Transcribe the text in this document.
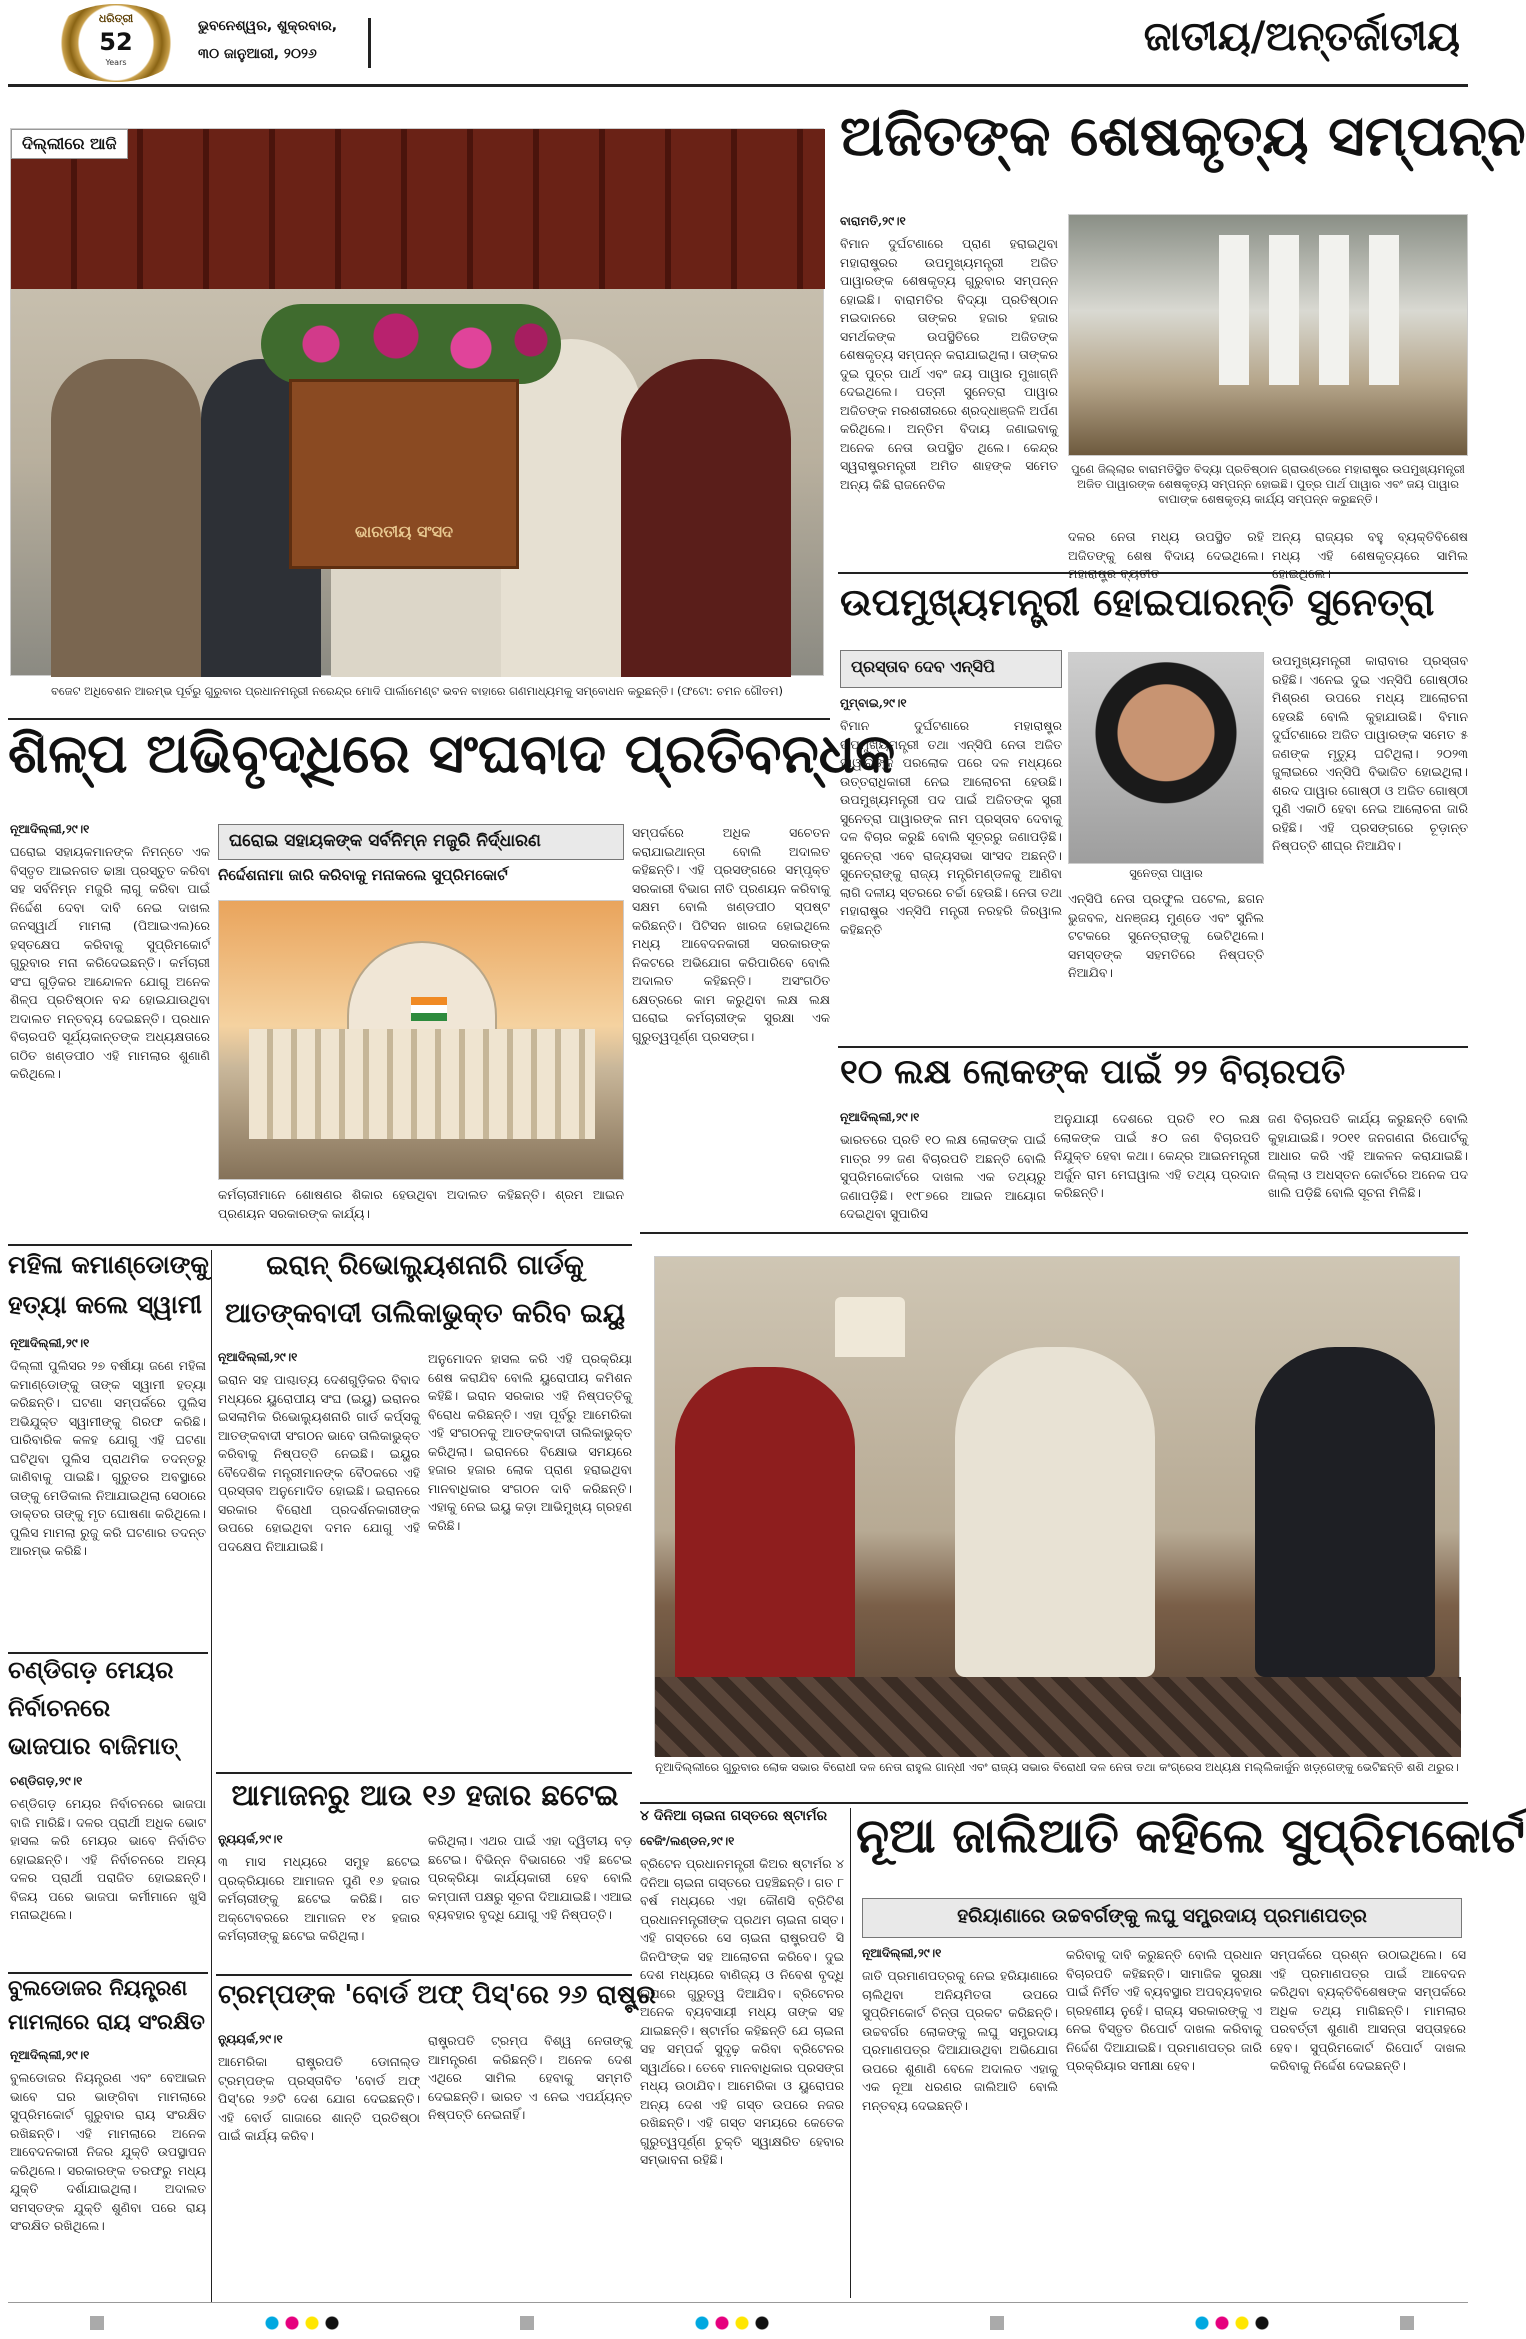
ଧରିତ୍ରୀ
52
Years
ଭୁବନେଶ୍ୱର, ଶୁକ୍ରବାର,
୩୦ ଜାନୁଆରୀ, ୨୦୨୬	ଜାତୀୟ/ଅନ୍ତର୍ଜାତୀୟ
ଭାରତୀୟ ସଂସଦ
ଦିଲ୍ଲୀରେ ଆଜି
ବଜେଟ ଅଧିବେଶନ ଆରମ୍ଭ ପୂର୍ବରୁ ଗୁରୁବାର ପ୍ରଧାନମନ୍ତ୍ରୀ ନରେନ୍ଦ୍ର ମୋଦି ପାର୍ଲାମେଣ୍ଟ ଭବନ ବାହାରେ ଗଣମାଧ୍ୟମକୁ ସମ୍ବୋଧନ କରୁଛନ୍ତି। (ଫଟୋ: ଚମନ ଗୌତମ)
ଅଜିତଙ୍କ ଶେଷକୃତ୍ୟ ସମ୍ପନ୍ନ
ବାରାମତି,୨୯।୧
ବିମାନ ଦୁର୍ଘଟଣାରେ ପ୍ରାଣ ହରାଇଥିବା ମହାରାଷ୍ଟ୍ରର ଉପମୁଖ୍ୟମନ୍ତ୍ରୀ ଅଜିତ ପାୱାରଙ୍କ ଶେଷକୃତ୍ୟ ଗୁରୁବାର ସମ୍ପନ୍ନ ହୋଇଛି। ବାରାମତିର ବିଦ୍ୟା ପ୍ରତିଷ୍ଠାନ ମଇଦାନରେ ତାଙ୍କର ହଜାର ହଜାର ସମର୍ଥକଙ୍କ ଉପସ୍ଥିତିରେ ଅଜିତଙ୍କ ଶେଷକୃତ୍ୟ ସମ୍ପନ୍ନ କରାଯାଇଥିଲା। ତାଙ୍କର ଦୁଇ ପୁତ୍ର ପାର୍ଥ ଏବଂ ଜୟ ପାୱାର ମୁଖାଗ୍ନି ଦେଇଥିଲେ। ପତ୍ନୀ ସୁନେତ୍ରା ପାୱାର ଅଜିତଙ୍କ ମରଶରୀରରେ ଶ୍ରଦ୍ଧାଞ୍ଜଳି ଅର୍ପଣ କରିଥିଲେ। ଅନ୍ତିମ ବିଦାୟ ଜଣାଇବାକୁ ଅନେକ ନେତା ଉପସ୍ଥିତ ଥିଲେ। କେନ୍ଦ୍ର ସ୍ୱରାଷ୍ଟ୍ରମନ୍ତ୍ରୀ ଅମିତ ଶାହଙ୍କ ସମେତ ଅନ୍ୟ କିଛି ରାଜନେତିକ
ପୁଣେ ଜିଲ୍ଲାର ବାରାମତିସ୍ଥିତ ବିଦ୍ୟା ପ୍ରତିଷ୍ଠାନ ଗ୍ରାଉଣ୍ଡରେ ମହାରାଷ୍ଟ୍ର ଉପମୁଖ୍ୟମନ୍ତ୍ରୀ ଅଜିତ ପାୱାରଙ୍କ ଶେଷକୃତ୍ୟ ସମ୍ପନ୍ନ ହୋଇଛି। ପୁତ୍ର ପାର୍ଥ ପାୱାର ଏବଂ ଜୟ ପାୱାର ବାପାଙ୍କ ଶେଷକୃତ୍ୟ କାର୍ଯ୍ୟ ସମ୍ପନ୍ନ କରୁଛନ୍ତି।
ଦଳର ନେତା ମଧ୍ୟ ଉପସ୍ଥିତ ରହି ଅଜିତଙ୍କୁ ଶେଷ ବିଦାୟ ଦେଇଥିଲେ।
ଅନ୍ୟ ରାଜ୍ୟର ବହୁ ବ୍ୟକ୍ତିବିଶେଷ ମଧ୍ୟ ଏହି ଶେଷକୃତ୍ୟରେ ସାମିଲ
ଉପମୁଖ୍ୟମନ୍ତ୍ରୀ ହୋଇପାରନ୍ତି ସୁନେତ୍ରା
ପ୍ରସ୍ତାବ ଦେବ ଏନ୍‌ସିପି
ମୁମ୍ବାଇ,୨୯।୧
ବିମାନ ଦୁର୍ଘଟଣାରେ ମହାରାଷ୍ଟ୍ର ଉପମୁଖ୍ୟମନ୍ତ୍ରୀ ତଥା ଏନ୍‌ସିପି ନେତା ଅଜିତ ପାୱାରଙ୍କ ପରଲୋକ ପରେ ଦଳ ମଧ୍ୟରେ ଉତ୍ତରାଧିକାରୀ ନେଇ ଆଲୋଚନା ହେଉଛି। ଉପମୁଖ୍ୟମନ୍ତ୍ରୀ ପଦ ପାଇଁ ଅଜିତଙ୍କ ସ୍ତ୍ରୀ ସୁନେତ୍ରା ପାୱାରଙ୍କ ନାମ ପ୍ରସ୍ତାବ ଦେବାକୁ ଦଳ ବିଚାର କରୁଛି ବୋଲି ସୂତ୍ରରୁ ଜଣାପଡ଼ିଛି। ସୁନେତ୍ରା ଏବେ ରାଜ୍ୟସଭା ସାଂସଦ ଅଛନ୍ତି। ସୁନେତ୍ରାଙ୍କୁ ରାଜ୍ୟ ମନ୍ତ୍ରିମଣ୍ଡଳକୁ ଆଣିବା ଲାଗି ଦଳୀୟ ସ୍ତରରେ ଚର୍ଚ୍ଚା ହେଉଛି। ନେତା ତଥା ମହାରାଷ୍ଟ୍ର ଏନ୍‌ସିପି ମନ୍ତ୍ରୀ ନରହରି ଜିରୱାଲ କହିଛନ୍ତି
ସୁନେତ୍ରା ପାୱାର
ଏନ୍‌ସିପି ନେତା ପ୍ରଫୁଲ ପଟେଲ, ଛଗନ ଭୁଜବଳ, ଧନଞ୍ଜୟ ମୁଣ୍ଡେ ଏବଂ ସୁନିଲ ଟଟକରେ ସୁନେତ୍ରାଙ୍କୁ ଭେଟିଥିଲେ। ସମସ୍ତଙ୍କ ସହମତିରେ ନିଷ୍ପତ୍ତି ନିଆଯିବ।
ଉପମୁଖ୍ୟମନ୍ତ୍ରୀ କାରାବାର ପ୍ରସ୍ତାବ ରହିଛି। ଏନେଇ ଦୁଇ ଏନ୍‌ସିପି ଗୋଷ୍ଠୀର ମିଶ୍ରଣ ଉପରେ ମଧ୍ୟ ଆଲୋଚନା ହେଉଛି ବୋଲି କୁହାଯାଉଛି। ବିମାନ ଦୁର୍ଘଟଣାରେ ଅଜିତ ପାୱାରଙ୍କ ସମେତ ୫ ଜଣଙ୍କ ମୃତ୍ୟୁ ଘଟିଥିଲା। ୨୦୨୩ ଜୁଲାଇରେ ଏନ୍‌ସିପି ବିଭାଜିତ ହୋଇଥିଲା। ଶରଦ ପାୱାର ଗୋଷ୍ଠୀ ଓ ଅଜିତ ଗୋଷ୍ଠୀ ପୁଣି ଏକାଠି ହେବା ନେଇ ଆଲୋଚନା ଜାରି ରହିଛି। ଏହି ପ୍ରସଙ୍ଗରେ ଚୂଡ଼ାନ୍ତ ନିଷ୍ପତ୍ତି ଶୀଘ୍ର ନିଆଯିବ।
୧୦ ଲକ୍ଷ ଲୋକଙ୍କ ପାଇଁ ୨୨ ବିଚାରପତି
ନୂଆଦିଲ୍ଲୀ,୨୯।୧
ଭାରତରେ ପ୍ରତି ୧୦ ଲକ୍ଷ ଲୋକଙ୍କ ପାଇଁ ମାତ୍ର ୨୨ ଜଣ ବିଚାରପତି ଅଛନ୍ତି ବୋଲି ସୁପ୍ରିମକୋର୍ଟରେ ଦାଖଲ ଏକ ତଥ୍ୟରୁ ଜଣାପଡ଼ିଛି। ୧୯୮୭ରେ ଆଇନ ଆୟୋଗ ଦେଇଥିବା ସୁପାରିସ
ଅନୁଯାୟୀ ଦେଶରେ ପ୍ରତି ୧୦ ଲକ୍ଷ ଲୋକଙ୍କ ପାଇଁ ୫୦ ଜଣ ବିଚାରପତି ନିଯୁକ୍ତ ହେବା କଥା। କେନ୍ଦ୍ର ଆଇନମନ୍ତ୍ରୀ ଅର୍ଜୁନ ରାମ ମେଘୱାଲ ଏହି ତଥ୍ୟ ପ୍ରଦାନ କରିଛନ୍ତି।
ଜଣ ବିଚାରପତି କାର୍ଯ୍ୟ କରୁଛନ୍ତି ବୋଲି କୁହାଯାଇଛି। ୨୦୧୧ ଜନଗଣନା ରିପୋର୍ଟକୁ ଆଧାର କରି ଏହି ଆକଳନ କରାଯାଇଛି। ଜିଲ୍ଲା ଓ ଅଧସ୍ତନ କୋର୍ଟରେ ଅନେକ ପଦ ଖାଲି ପଡ଼ିଛି ବୋଲି ସୂଚନା ମିଳିଛି।
ଶିଳ୍ପ ଅଭିବୃଦ୍ଧିରେ ସଂଘବାଦ ପ୍ରତିବନ୍ଧକ
ନୂଆଦିଲ୍ଲୀ,୨୯।୧
ଘରୋଇ ସହାୟକମାନଙ୍କ ନିମନ୍ତେ ଏକ ବିସ୍ତୃତ ଆଇନଗତ ଢାଞ୍ଚା ପ୍ରସ୍ତୁତ କରିବା ସହ ସର୍ବନିମ୍ନ ମଜୁରି ଲାଗୁ କରିବା ପାଇଁ ନିର୍ଦ୍ଦେଶ ଦେବା ଦାବି ନେଇ ଦାଖଲ ଜନସ୍ୱାର୍ଥ ମାମଲା (ପିଆଇଏଲ)ରେ ହସ୍ତକ୍ଷେପ କରିବାକୁ ସୁପ୍ରିମକୋର୍ଟ ଗୁରୁବାର ମନା କରିଦେଇଛନ୍ତି। କର୍ମଚାରୀ ସଂଘ ଗୁଡ଼ିକର ଆନ୍ଦୋଳନ ଯୋଗୁ ଅନେକ ଶିଳ୍ପ ପ୍ରତିଷ୍ଠାନ ବନ୍ଦ ହୋଇଯାଉଥିବା ଅଦାଲତ ମନ୍ତବ୍ୟ ଦେଇଛନ୍ତି। ପ୍ରଧାନ ବିଚାରପତି ସୂର୍ଯ୍ୟକାନ୍ତଙ୍କ ଅଧ୍ୟକ୍ଷତାରେ ଗଠିତ ଖଣ୍ଡପୀଠ ଏହି ମାମଲାର ଶୁଣାଣି କରିଥିଲେ।
ଘରୋଇ ସହାୟକଙ୍କ ସର୍ବନିମ୍ନ ମଜୁରି ନିର୍ଦ୍ଧାରଣ
ନିର୍ଦ୍ଦେଶନାମା ଜାରି କରିବାକୁ ମନାକଲେ ସୁପ୍ରିମକୋର୍ଟ
କର୍ମଚାରୀମାନେ ଶୋଷଣର ଶିକାର ହେଉଥିବା ଅଦାଲତ କହିଛନ୍ତି। ଶ୍ରମ ଆଇନ ପ୍ରଣୟନ ସରକାରଙ୍କ କାର୍ଯ୍ୟ।
ସମ୍ପର୍କରେ ଅଧିକ ସଚେତନ କରାଯାଇଥାନ୍ତା ବୋଲି ଅଦାଲତ କହିଛନ୍ତି। ଏହି ପ୍ରସଙ୍ଗରେ ସମ୍ପୃକ୍ତ ସରକାରୀ ବିଭାଗ ନୀତି ପ୍ରଣୟନ କରିବାକୁ ସକ୍ଷମ ବୋଲି ଖଣ୍ଡପୀଠ ସ୍ପଷ୍ଟ କରିଛନ୍ତି। ପିଟିସନ ଖାରଜ ହୋଇଥିଲେ ମଧ୍ୟ ଆବେଦନକାରୀ ସରକାରଙ୍କ ନିକଟରେ ଅଭିଯୋଗ କରିପାରିବେ ବୋଲି ଅଦାଲତ କହିଛନ୍ତି। ଅସଂଗଠିତ କ୍ଷେତ୍ରରେ କାମ କରୁଥିବା ଲକ୍ଷ ଲକ୍ଷ ଘରୋଇ କର୍ମଚାରୀଙ୍କ ସୁରକ୍ଷା ଏକ ଗୁରୁତ୍ୱପୂର୍ଣ୍ଣ ପ୍ରସଙ୍ଗ।
ମହିଳା କମାଣ୍ଡୋଙ୍କୁ
ହତ୍ୟା କଲେ ସ୍ୱାମୀ
ନୂଆଦିଲ୍ଲୀ,୨୯।୧
ଦିଲ୍ଲୀ ପୁଲିସର ୨୭ ବର୍ଷୀୟା ଜଣେ ମହିଳା କମାଣ୍ଡୋଙ୍କୁ ତାଙ୍କ ସ୍ୱାମୀ ହତ୍ୟା କରିଛନ୍ତି। ଘଟଣା ସମ୍ପର୍କରେ ପୁଲିସ ଅଭିଯୁକ୍ତ ସ୍ୱାମୀଙ୍କୁ ଗିରଫ କରିଛି। ପାରିବାରିକ କଳହ ଯୋଗୁ ଏହି ଘଟଣା ଘଟିଥିବା ପୁଲିସ ପ୍ରାଥମିକ ତଦନ୍ତରୁ ଜାଣିବାକୁ ପାଇଛି। ଗୁରୁତର ଅବସ୍ଥାରେ ତାଙ୍କୁ ମେଡିକାଲ ନିଆଯାଇଥିଲା ସେଠାରେ ଡାକ୍ତର ତାଙ୍କୁ ମୃତ ଘୋଷଣା କରିଥିଲେ। ପୁଲିସ ମାମଲା ରୁଜୁ କରି ଘଟଣାର ତଦନ୍ତ ଆରମ୍ଭ କରିଛି।
ଚଣ୍ଡିଗଡ଼ ମେୟର
ନିର୍ବାଚନରେ
ଭାଜପାର ବାଜିମାତ୍
ଚଣ୍ଡିଗଡ଼,୨୯।୧
ଚଣ୍ଡିଗଡ଼ ମେୟର ନିର୍ବାଚନରେ ଭାଜପା ବାଜି ମାରିଛି। ଦଳର ପ୍ରାର୍ଥୀ ଅଧିକ ଭୋଟ ହାସଲ କରି ମେୟର ଭାବେ ନିର୍ବାଚିତ ହୋଇଛନ୍ତି। ଏହି ନିର୍ବାଚନରେ ଅନ୍ୟ ଦଳର ପ୍ରାର୍ଥୀ ପରାଜିତ ହୋଇଛନ୍ତି। ବିଜୟ ପରେ ଭାଜପା କର୍ମୀମାନେ ଖୁସି ମନାଇଥିଲେ।
ବୁଲଡୋଜର ନିୟନ୍ତ୍ରଣ
ମାମଲାରେ ରାୟ ସଂରକ୍ଷିତ
ନୂଆଦିଲ୍ଲୀ,୨୯।୧
ବୁଲଡୋଜର ନିୟନ୍ତ୍ରଣ ଏବଂ ବେଆଇନ ଭାବେ ଘର ଭାଙ୍ଗିବା ମାମଲାରେ ସୁପ୍ରିମକୋର୍ଟ ଗୁରୁବାର ରାୟ ସଂରକ୍ଷିତ ରଖିଛନ୍ତି। ଏହି ମାମଲାରେ ଅନେକ ଆବେଦନକାରୀ ନିଜର ଯୁକ୍ତି ଉପସ୍ଥାପନ କରିଥିଲେ। ସରକାରଙ୍କ ତରଫରୁ ମଧ୍ୟ ଯୁକ୍ତି ଦର୍ଶାଯାଇଥିଲା। ଅଦାଲତ ସମସ୍ତଙ୍କ ଯୁକ୍ତି ଶୁଣିବା ପରେ ରାୟ ସଂରକ୍ଷିତ ରଖିଥିଲେ।
ଇରାନ୍ ରିଭୋଲ୍ୟୁଶନାରି ଗାର୍ଡକୁ
ଆତଙ୍କବାଦୀ ତାଲିକାଭୁକ୍ତ କରିବ ଇୟୁ
ନୂଆଦିଲ୍ଲୀ,୨୯।୧
ଇରାନ ସହ ପାଶ୍ଚାତ୍ୟ ଦେଶଗୁଡ଼ିକର ବିବାଦ ମଧ୍ୟରେ ୟୁରୋପୀୟ ସଂଘ (ଇୟୁ) ଇରାନର ଇସଲାମିକ ରିଭୋଲ୍ୟୁଶନାରି ଗାର୍ଡ କର୍ପ୍ସକୁ ଆତଙ୍କବାଦୀ ସଂଗଠନ ଭାବେ ତାଲିକାଭୁକ୍ତ କରିବାକୁ ନିଷ୍ପତ୍ତି ନେଇଛି। ଇୟୁର ବୈଦେଶିକ ମନ୍ତ୍ରୀମାନଙ୍କ ବୈଠକରେ ଏହି ପ୍ରସ୍ତାବ ଅନୁମୋଦିତ ହୋଇଛି। ଇରାନରେ ସରକାର ବିରୋଧୀ ପ୍ରଦର୍ଶନକାରୀଙ୍କ ଉପରେ ହୋଇଥିବା ଦମନ ଯୋଗୁ ଏହି ପଦକ୍ଷେପ ନିଆଯାଇଛି।
ଅନୁମୋଦନ ହାସଲ କରି ଏହି ପ୍ରକ୍ରିୟା ଶେଷ କରାଯିବ ବୋଲି ୟୁରୋପୀୟ କମିଶନ କହିଛି। ଇରାନ ସରକାର ଏହି ନିଷ୍ପତ୍ତିକୁ ବିରୋଧ କରିଛନ୍ତି। ଏହା ପୂର୍ବରୁ ଆମେରିକା ଏହି ସଂଗଠନକୁ ଆତଙ୍କବାଦୀ ତାଲିକାଭୁକ୍ତ କରିଥିଲା। ଇରାନରେ ବିକ୍ଷୋଭ ସମୟରେ ହଜାର ହଜାର ଲୋକ ପ୍ରାଣ ହରାଇଥିବା ମାନବାଧିକାର ସଂଗଠନ ଦାବି କରିଛନ୍ତି। ଏହାକୁ ନେଇ ଇୟୁ କଡ଼ା ଆଭିମୁଖ୍ୟ ଗ୍ରହଣ କରିଛି।
ଆମାଜନରୁ ଆଉ ୧୬ ହଜାର ଛଟେଇ
ନ୍ୟୁୟର୍କ,୨୯।୧
୩ ମାସ ମଧ୍ୟରେ ସମୁହ ଛଟେଇ ପ୍ରକ୍ରିୟାରେ ଆମାଜନ ପୁଣି ୧୬ ହଜାର କର୍ମଚାରୀଙ୍କୁ ଛଟେଇ କରିଛି। ଗତ ଅକ୍ଟୋବରରେ ଆମାଜନ ୧୪ ହଜାର କର୍ମଚାରୀଙ୍କୁ ଛଟେଇ କରିଥିଲା।
କରିଥିଲା। ଏଥର ପାଇଁ ଏହା ଦ୍ୱିତୀୟ ବଡ଼ ଛଟେଇ। ବିଭିନ୍ନ ବିଭାଗରେ ଏହି ଛଟେଇ ପ୍ରକ୍ରିୟା କାର୍ଯ୍ୟକାରୀ ହେବ ବୋଲି କମ୍ପାନୀ ପକ୍ଷରୁ ସୂଚନା ଦିଆଯାଇଛି। ଏଆଇ ବ୍ୟବହାର ବୃଦ୍ଧି ଯୋଗୁ ଏହି ନିଷ୍ପତ୍ତି।
ଟ୍ରମ୍ପଙ୍କ 'ବୋର୍ଡ ଅଫ୍ ପିସ୍'ରେ ୨୬ ରାଷ୍ଟ୍ର
ନ୍ୟୁୟର୍କ,୨୯।୧
ଆମେରିକା ରାଷ୍ଟ୍ରପତି ଡୋନାଲ୍ଡ ଟ୍ରମ୍ପଙ୍କ ପ୍ରସ୍ତାବିତ 'ବୋର୍ଡ ଅଫ୍ ପିସ୍'ରେ ୨୬ଟି ଦେଶ ଯୋଗ ଦେଇଛନ୍ତି। ଏହି ବୋର୍ଡ ଗାଜାରେ ଶାନ୍ତି ପ୍ରତିଷ୍ଠା ପାଇଁ କାର୍ଯ୍ୟ କରିବ।
ରାଷ୍ଟ୍ରପତି ଟ୍ରମ୍ପ ବିଶ୍ୱ ନେତାଙ୍କୁ ଆମନ୍ତ୍ରଣ କରିଛନ୍ତି। ଅନେକ ଦେଶ ଏଥିରେ ସାମିଲ ହେବାକୁ ସମ୍ମତି ଦେଇଛନ୍ତି। ଭାରତ ଏ ନେଇ ଏପର୍ଯ୍ୟନ୍ତ ନିଷ୍ପତ୍ତି ନେଇନାହିଁ।
ନୂଆଦିଲ୍ଲୀରେ ଗୁରୁବାର ଲୋକ ସଭାର ବିରୋଧୀ ଦଳ ନେତା ରାହୁଲ ଗାନ୍ଧୀ ଏବଂ ରାଜ୍ୟ ସଭାର ବିରୋଧୀ ଦଳ ନେତା ତଥା କଂଗ୍ରେସ ଅଧ୍ୟକ୍ଷ ମଲ୍ଲିକାର୍ଜୁନ ଖଡ଼୍ଗେଙ୍କୁ ଭେଟିଛନ୍ତି ଶଶି ଥରୁର।
୪ ଦିନିଆ ଚାଇନା ଗସ୍ତରେ ଷ୍ଟାର୍ମର
ବେଜିଂ/ଲଣ୍ଡନ,୨୯।୧
ବ୍ରିଟେନ ପ୍ରଧାନମନ୍ତ୍ରୀ କିଅର ଷ୍ଟାର୍ମର ୪ ଦିନିଆ ଚାଇନା ଗସ୍ତରେ ପହଞ୍ଚିଛନ୍ତି। ଗତ ୮ ବର୍ଷ ମଧ୍ୟରେ ଏହା କୌଣସି ବ୍ରିଟିଶ ପ୍ରଧାନମନ୍ତ୍ରୀଙ୍କ ପ୍ରଥମ ଚାଇନା ଗସ୍ତ। ଏହି ଗସ୍ତରେ ସେ ଚାଇନା ରାଷ୍ଟ୍ରପତି ସି ଜିନପିଂଙ୍କ ସହ ଆଲୋଚନା କରିବେ। ଦୁଇ ଦେଶ ମଧ୍ୟରେ ବାଣିଜ୍ୟ ଓ ନିବେଶ ବୃଦ୍ଧି ଉପରେ ଗୁରୁତ୍ୱ ଦିଆଯିବ। ବ୍ରିଟେନର ଅନେକ ବ୍ୟବସାୟୀ ମଧ୍ୟ ତାଙ୍କ ସହ ଯାଇଛନ୍ତି। ଷ୍ଟାର୍ମର କହିଛନ୍ତି ଯେ ଚାଇନା ସହ ସମ୍ପର୍କ ସୁଦୃଢ଼ କରିବା ବ୍ରିଟେନର ସ୍ୱାର୍ଥରେ। ତେବେ ମାନବାଧିକାର ପ୍ରସଙ୍ଗ ମଧ୍ୟ ଉଠାଯିବ। ଆମେରିକା ଓ ୟୁରୋପର ଅନ୍ୟ ଦେଶ ଏହି ଗସ୍ତ ଉପରେ ନଜର ରଖିଛନ୍ତି। ଏହି ଗସ୍ତ ସମୟରେ କେତେକ ଗୁରୁତ୍ୱପୂର୍ଣ୍ଣ ଚୁକ୍ତି ସ୍ୱାକ୍ଷରିତ ହେବାର ସମ୍ଭାବନା ରହିଛି।
ନୂଆ ଜାଲିଆତି କହିଲେ ସୁପ୍ରିମକୋର୍ଟ
ହରିୟାଣାରେ ଉଚ୍ଚବର୍ଗଙ୍କୁ ଲଘୁ ସମ୍ପ୍ରଦାୟ ପ୍ରମାଣପତ୍ର
ନୂଆଦିଲ୍ଲୀ,୨୯।୧
ଜାତି ପ୍ରମାଣପତ୍ରକୁ ନେଇ ହରିୟାଣାରେ ଚାଲିଥିବା ଅନିୟମିତତା ଉପରେ ସୁପ୍ରିମକୋର୍ଟ ଚିନ୍ତା ପ୍ରକଟ କରିଛନ୍ତି। ଉଚ୍ଚବର୍ଗର ଲୋକଙ୍କୁ ଲଘୁ ସମ୍ପ୍ରଦାୟ ପ୍ରମାଣପତ୍ର ଦିଆଯାଉଥିବା ଅଭିଯୋଗ ଉପରେ ଶୁଣାଣି ବେଳେ ଅଦାଲତ ଏହାକୁ ଏକ ନୂଆ ଧରଣର ଜାଲିଆତି ବୋଲି ମନ୍ତବ୍ୟ ଦେଇଛନ୍ତି।
କରିବାକୁ ଦାବି କରୁଛନ୍ତି ବୋଲି ପ୍ରଧାନ ବିଚାରପତି କହିଛନ୍ତି। ସାମାଜିକ ସୁରକ୍ଷା ପାଇଁ ନିର୍ମିତ ଏହି ବ୍ୟବସ୍ଥାର ଅପବ୍ୟବହାର ଗ୍ରହଣୀୟ ନୁହେଁ। ରାଜ୍ୟ ସରକାରଙ୍କୁ ଏ ନେଇ ବିସ୍ତୃତ ରିପୋର୍ଟ ଦାଖଲ କରିବାକୁ ନିର୍ଦ୍ଦେଶ ଦିଆଯାଇଛି। ପ୍ରମାଣପତ୍ର ଜାରି ପ୍ରକ୍ରିୟାର ସମୀକ୍ଷା ହେବ।
ସମ୍ପର୍କରେ ପ୍ରଶ୍ନ ଉଠାଇଥିଲେ। ସେ ଏହି ପ୍ରମାଣପତ୍ର ପାଇଁ ଆବେଦନ କରିଥିବା ବ୍ୟକ୍ତିବିଶେଷଙ୍କ ସମ୍ପର୍କରେ ଅଧିକ ତଥ୍ୟ ମାଗିଛନ୍ତି। ମାମଲାର ପରବର୍ତ୍ତୀ ଶୁଣାଣି ଆସନ୍ତା ସପ୍ତାହରେ ହେବ। ସୁପ୍ରିମକୋର୍ଟ ରିପୋର୍ଟ ଦାଖଲ କରିବାକୁ ନିର୍ଦ୍ଦେଶ ଦେଇଛନ୍ତି।
